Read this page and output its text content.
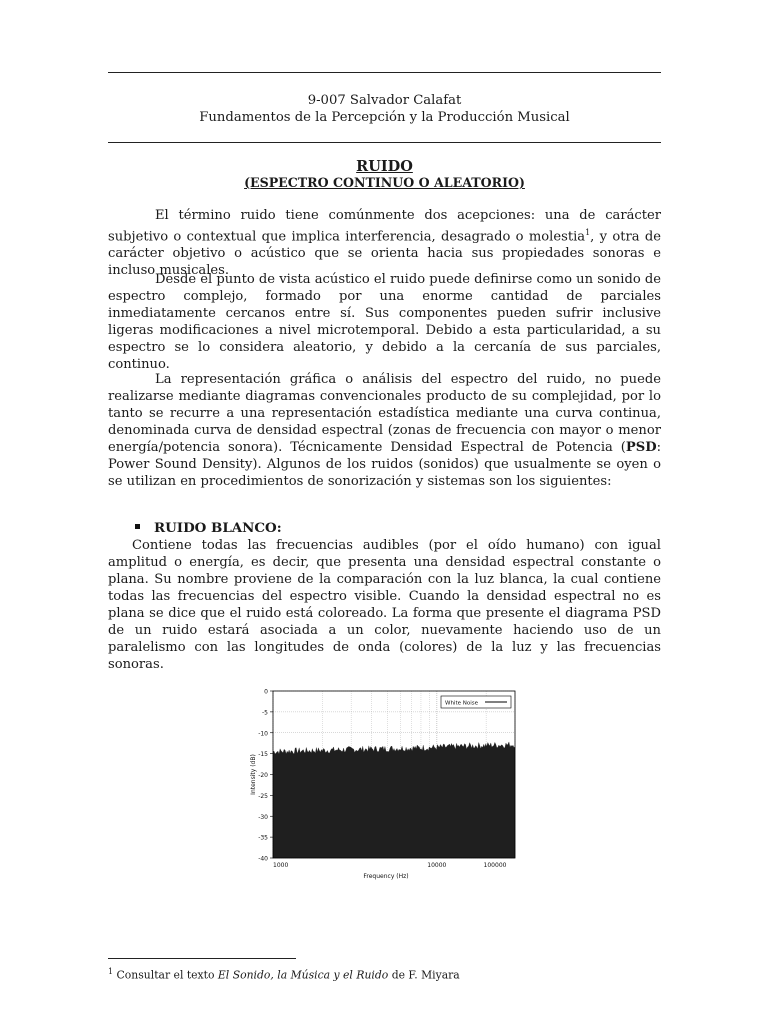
9-007 Salvador Calafat
Fundamentos de la Percepción y la Producción Musical
RUIDO
(ESPECTRO CONTINUO O ALEATORIO)

El término ruido tiene comúnmente dos acepciones: una de carácter subjetivo o contextual que implica interferencia, desagrado o molestia$^1$, y otra de carácter objetivo o acústico que se orienta hacia sus propiedades sonoras e incluso musicales.

Desde el punto de vista acústico el ruido puede definirse como un sonido de espectro complejo, formado por una enorme cantidad de parciales inmediatamente cercanos entre sí. Sus componentes pueden sufrir inclusive ligeras modificaciones a nivel microtemporal. Debido a esta particularidad, a su espectro se lo considera aleatorio, y debido a la cercanía de sus parciales, continuo.

La representación gráfica o análisis del espectro del ruido, no puede realizarse mediante diagramas convencionales producto de su complejidad, por lo tanto se recurre a una representación estadística mediante una curva continua, denominada curva de densidad espectral (zonas de frecuencia con mayor o menor energía/potencia sonora). Técnicamente Densidad Espectral de Potencia (PSD: Power Sound Density). Algunos de los ruidos (sonidos) que usualmente se oyen o se utilizan en procedimientos de sonorización y sistemas son los siguientes:

RUIDO BLANCO:

Contiene todas las frecuencias audibles (por el oído humano) con igual amplitud o energía, es decir, que presenta una densidad espectral constante o plana. Su nombre proviene de la comparación con la luz blanca, la cual contiene todas las frecuencias del espectro visible. Cuando la densidad espectral no es plana se dice que el ruido está coloreado. La forma que presente el diagrama PSD de un ruido estará asociada a un color, nuevamente haciendo uso de un paralelismo con las longitudes de onda (colores) de la luz y las frecuencias sonoras.

0
-5
-10
-15
-20
-25
-30
-35
-40
1000	10000	100000
Frequency (Hz)
Intensity (dB)
White Noise
$^1$ Consultar el texto El Sonido, la Música y el Ruido de F. Miyara
